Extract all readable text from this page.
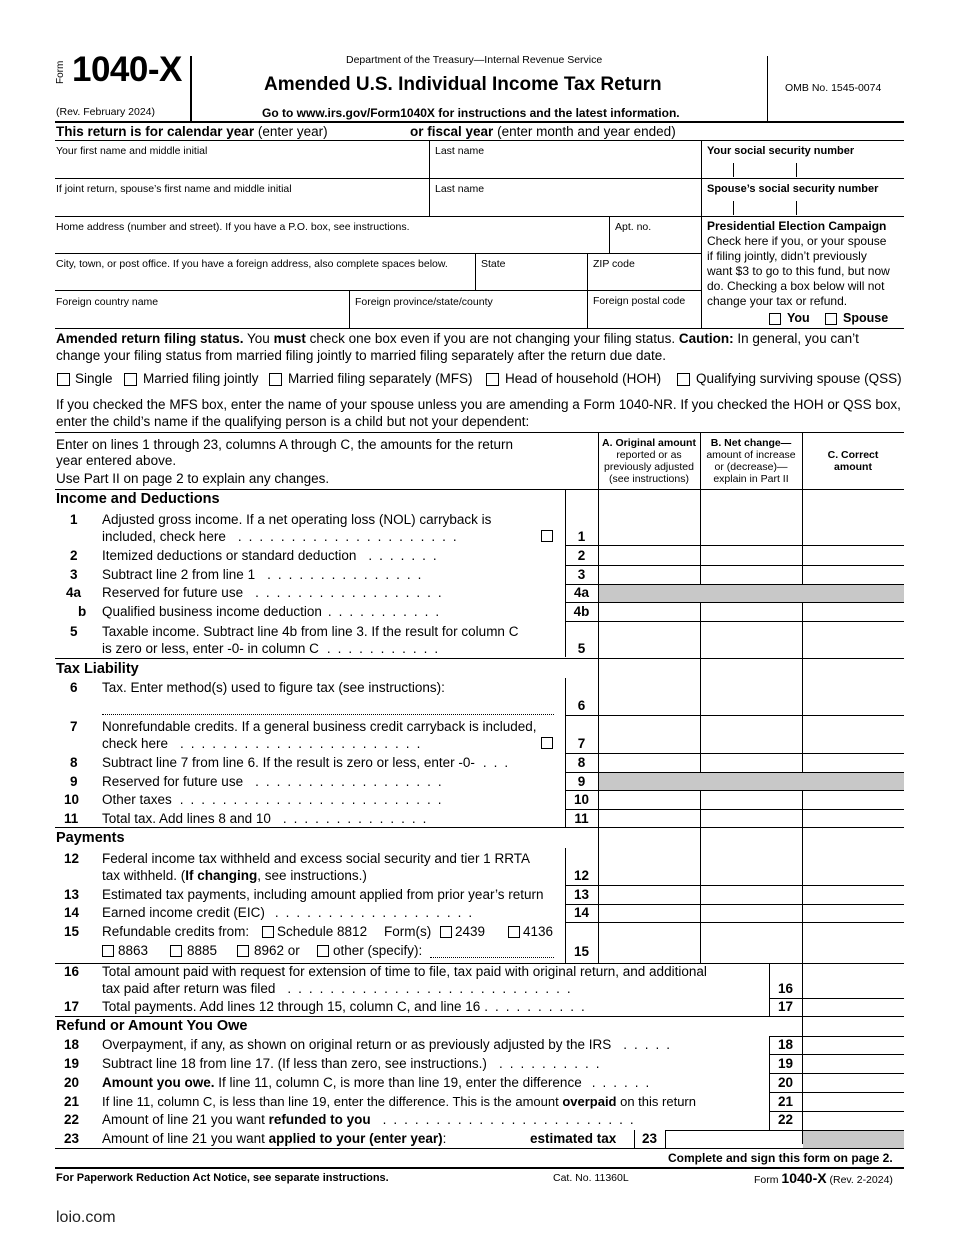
Form 1040-X
(Rev. February 2024)
Department of the Treasury—Internal Revenue Service
Amended U.S. Individual Income Tax Return
Go to www.irs.gov/Form1040X for instructions and the latest information.
OMB No. 1545-0074
This return is for calendar year (enter year)	or fiscal year (enter month and year ended)
Your first name and middle initial	Last name	Your social security number
If joint return, spouse’s first name and middle initial	Last name	Spouse’s social security number
Home address (number and street). If you have a P.O. box, see instructions.	Apt. no.
City, town, or post office. If you have a foreign address, also complete spaces below.	State	ZIP code
Foreign country name	Foreign province/state/county	Foreign postal code
Presidential Election Campaign
Check here if you, or your spouse
if filing jointly, didn’t previously
want $3 to go to this fund, but now
do. Checking a box below will not
change your tax or refund.
You	Spouse
Amended return filing status. You must check one box even if you are not changing your filing status. Caution: In general, you can’t
change your filing status from married filing jointly to married filing separately after the return due date.
Single Married filing jointly Married filing separately (MFS) Head of household (HOH)	Qualifying surviving spouse (QSS)
If you checked the MFS box, enter the name of your spouse unless you are amending a Form 1040-NR. If you checked the HOH or QSS box,
enter the child’s name if the qualifying person is a child but not your dependent:
Enter on lines 1 through 23, columns A through C, the amounts for the return
year entered above.
Use Part II on page 2 to explain any changes.
A. Original amount
reported or as
previously adjusted
(see instructions)
B. Net change—
amount of increase
or (decrease)—
explain in Part II
C. Correct
amount
Income and Deductions
1 Adjusted gross income. If a net operating loss (NOL) carryback is
included, check here .....................	1
2 Itemized deductions or standard deduction .......	2
3 Subtract line 2 from line 1 ...............	3
4a Reserved for future use ..................	4a
b Qualified business income deduction ...........	4b
5 Taxable income. Subtract line 4b from line 3. If the result for column C
is zero or less, enter -0- in column C ...........	5
Tax Liability
6 Tax. Enter method(s) used to figure tax (see instructions):
6
7 Nonrefundable credits. If a general business credit carryback is included,
check here .......................	7
8 Subtract line 7 from line 6. If the result is zero or less, enter -0- ...	8
9 Reserved for future use ..................	9
10 Other taxes .........................	10
11 Total tax. Add lines 8 and 10 ..............	11
Payments
12 Federal income tax withheld and excess social security and tier 1 RRTA
tax withheld. (If changing, see instructions.)	12
13 Estimated tax payments, including amount applied from prior year’s return	13
14 Earned income credit (EIC) ...................	14
15 Refundable credits from: Schedule 8812 Form(s) 2439	4136
8863	8885	8962 or other (specify):	15
16 Total amount paid with request for extension of time to file, tax paid with original return, and additional
tax paid after return was filed ...........................	16
17 Total payments. Add lines 12 through 15, column C, and line 16 ..........	17
Refund or Amount You Owe
18 Overpayment, if any, as shown on original return or as previously adjusted by the IRS .....	18
19 Subtract line 18 from line 17. (If less than zero, see instructions.) ..........	19
20 Amount you owe. If line 11, column C, is more than line 19, enter the difference ......	20
21 If line 11, column C, is less than line 19, enter the difference. This is the amount overpaid on this return	21
22 Amount of line 21 you want refunded to you ........................	22
23 Amount of line 21 you want applied to your (enter year):	estimated tax	23
Complete and sign this form on page 2.
For Paperwork Reduction Act Notice, see separate instructions.	Cat. No. 11360L	Form 1040-X (Rev. 2-2024)
loio.com
